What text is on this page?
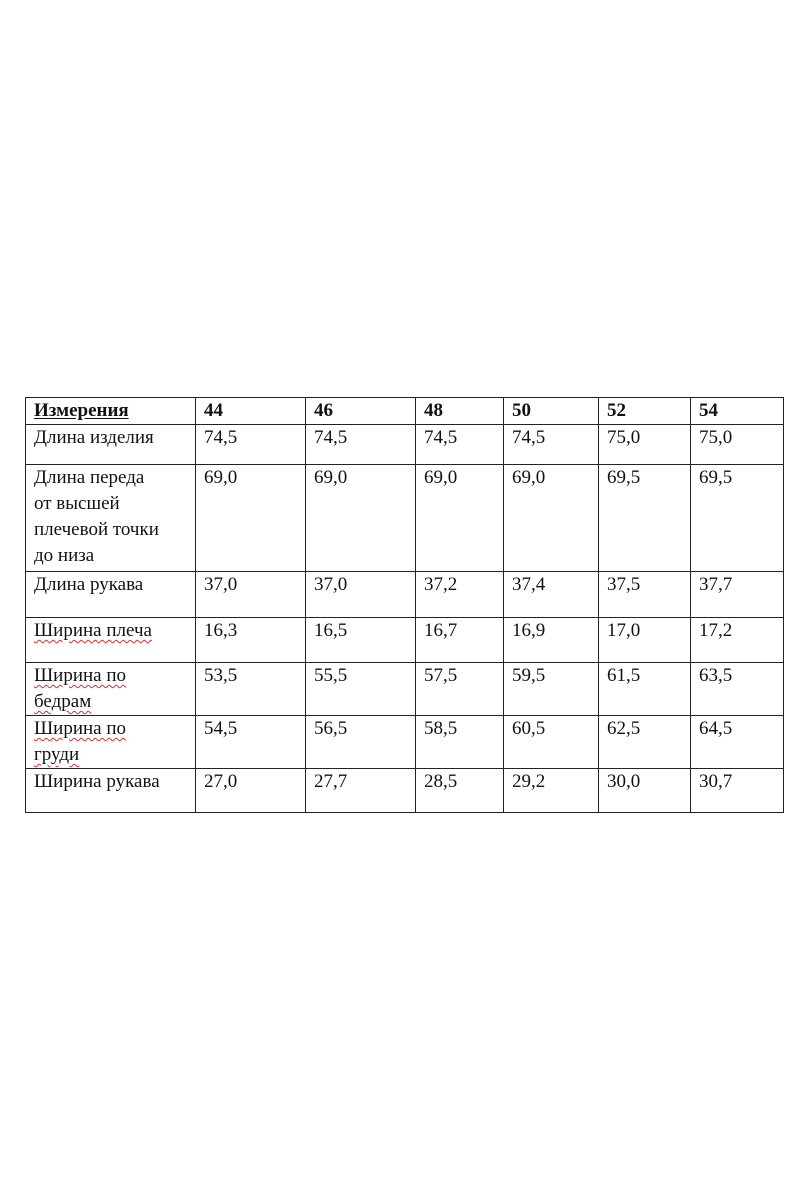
Измерения	44	46	48	50	52	54

Длина изделия	74,5	74,5	74,5	74,5	75,0	75,0

Длина переда
от высшей
плечевой точки
до низа	69,0	69,0	69,0	69,0	69,5	69,5

Длина рукава	37,0	37,0	37,2	37,4	37,5	37,7

Ширина плеча	16,3	16,5	16,7	16,9	17,0	17,2

Ширина по
бедрам	53,5	55,5	57,5	59,5	61,5	63,5

Ширина по
груди	54,5	56,5	58,5	60,5	62,5	64,5

Ширина рукава	27,0	27,7	28,5	29,2	30,0	30,7
